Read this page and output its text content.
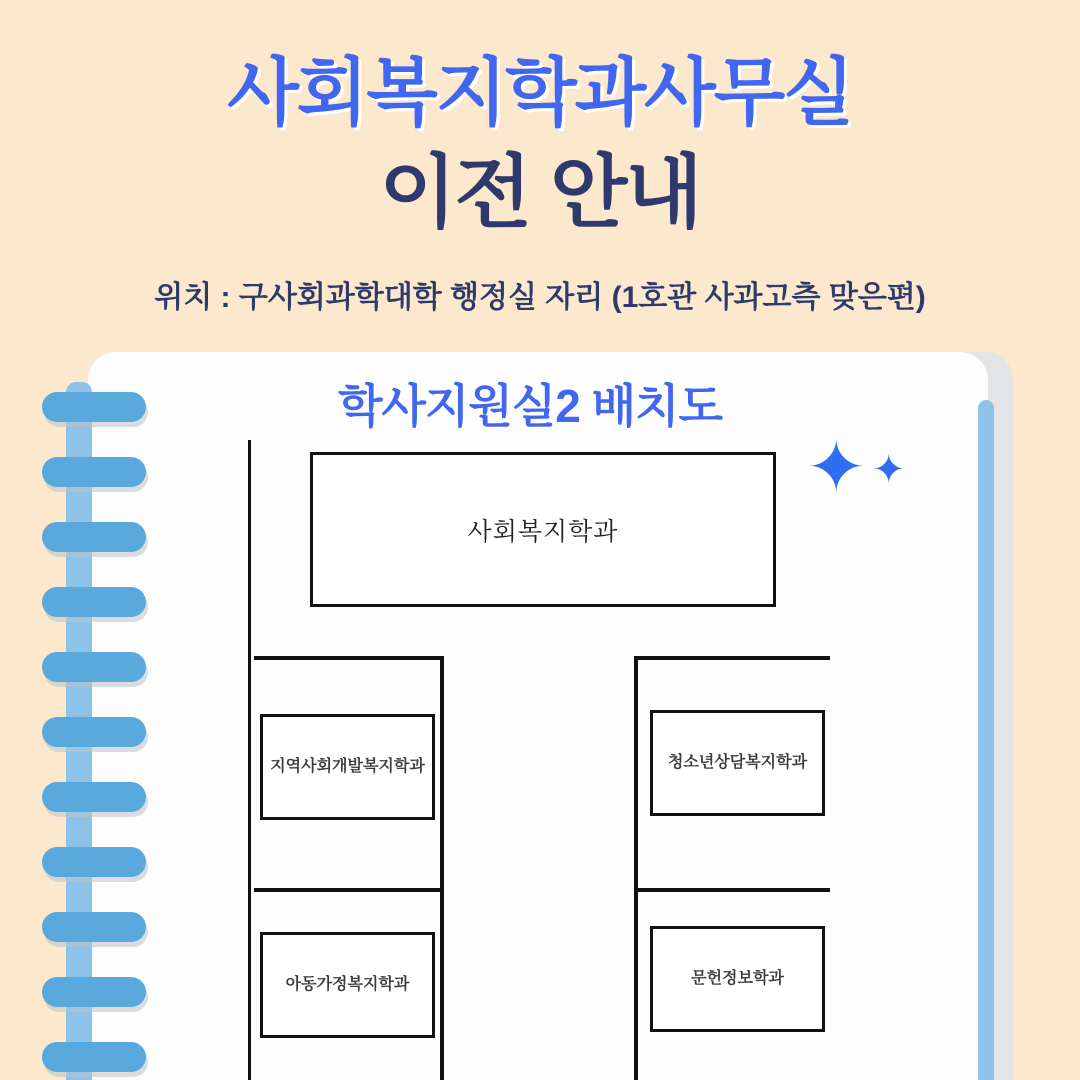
사회복지학과사무실
이전 안내
위치 : 구사회과학대학 행정실 자리 (1호관 사과고측 맞은편)
학사지원실2 배치도
✦ ✦
사회복지학과
지역사회개발복지학과
아동가정복지학과
청소년상담복지학과
문헌정보학과
